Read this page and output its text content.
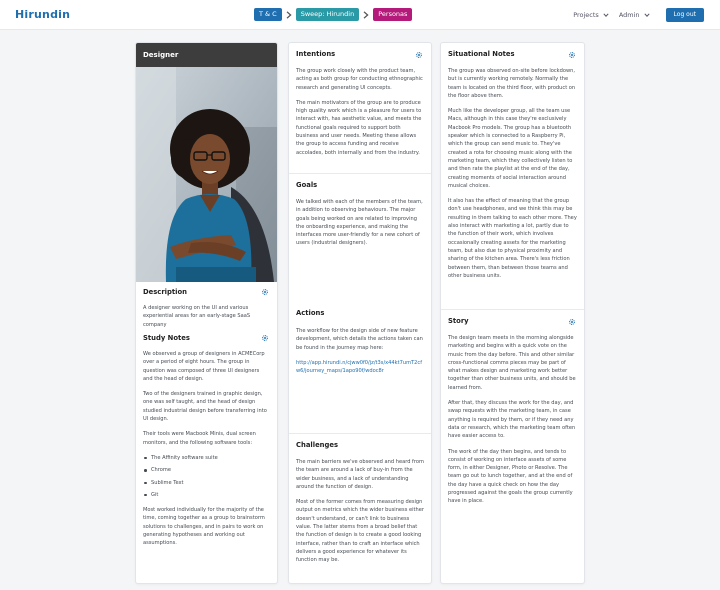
Hirundin	T & C	Sweep: Hirundin	Personas	Projects	Admin	Log out
Designer
Description

A designer working on the UI and various experiential areas for an early-stage SaaS company

Study Notes

We observed a group of designers in ACMECorp over a period of eight hours. The group in question was composed of three UI designers and the head of design.

Two of the designers trained in graphic design, one was self taught, and the head of design studied industrial design before transferring into UI design.

Their tools were Macbook Minis, dual screen monitors, and the following software tools:

The Affinity software suite
Chrome
Sublime Text
Git

Most worked individually for the majority of the time, coming together as a group to brainstorm solutions to challenges, and in pairs to work on generating hypotheses and working out assumptions.

Intentions

The group work closely with the product team, acting as both group for conducting ethnographic research and generating UI concepts.

The main motivators of the group are to produce high quality work which is a pleasure for users to interact with, has aesthetic value, and meets the functional goals required to support both business and user needs. Meeting these allows the group to access funding and receive accolades, both internally and from the industry.

Goals

We talked with each of the members of the team, in addition to observing behaviours. The major goals being worked on are related to improving the onboarding experience, and making the interfaces more user-friendly for a new cohort of users (industrial designers).

Actions

The workflow for the design side of new feature development, which details the actions taken can be found in the journey map here:

http://app.hirundi.n/cjww0f0/jz/t3s/x44kt7umT2cfw6/journey_maps/1apo90f/wdoc8r

Challenges

The main barriers we've observed and heard from the team are around a lack of buy-in from the wider business, and a lack of understanding around the function of design.

Most of the former comes from measuring design output on metrics which the wider business either doesn't understand, or can't link to business value. The latter stems from a broad belief that the function of design is to create a good looking interface, rather than to craft an interface which delivers a good experience for whatever its function may be.

Situational Notes

The group was observed on-site before lockdown, but is currently working remotely. Normally the team is located on the third floor, with product on the floor above them.

Much like the developer group, all the team use Macs, although in this case they're exclusively Macbook Pro models. The group has a bluetooth speaker which is connected to a Raspberry Pi, which the group can send music to. They've created a rota for choosing music along with the marketing team, which they collectively listen to and then rate the playlist at the end of the day, creating moments of social interaction around musical choices.

It also has the effect of meaning that the group don't use headphones, and we think this may be resulting in them talking to each other more. They also interact with marketing a lot, partly due to the function of their work, which involves occasionally creating assets for the marketing team, but also due to physical proximity and sharing of the kitchen area. There's less friction between them, than between those teams and other business units.

Story

The design team meets in the morning alongside marketing and begins with a quick vote on the music from the day before. This and other similar cross-functional comms pieces may be part of what makes design and marketing work better together than other business units, and should be learned from.

After that, they discuss the work for the day, and swap requests with the marketing team, in case anything is required by them, or if they need any data or research, which the marketing team often have easier access to.

The work of the day then begins, and tends to consist of working on interface assets of some form, in either Designer, Photo or Resolve. The team go out to lunch together, and at the end of the day have a quick check on how the day progressed against the goals the group currently have in place.
